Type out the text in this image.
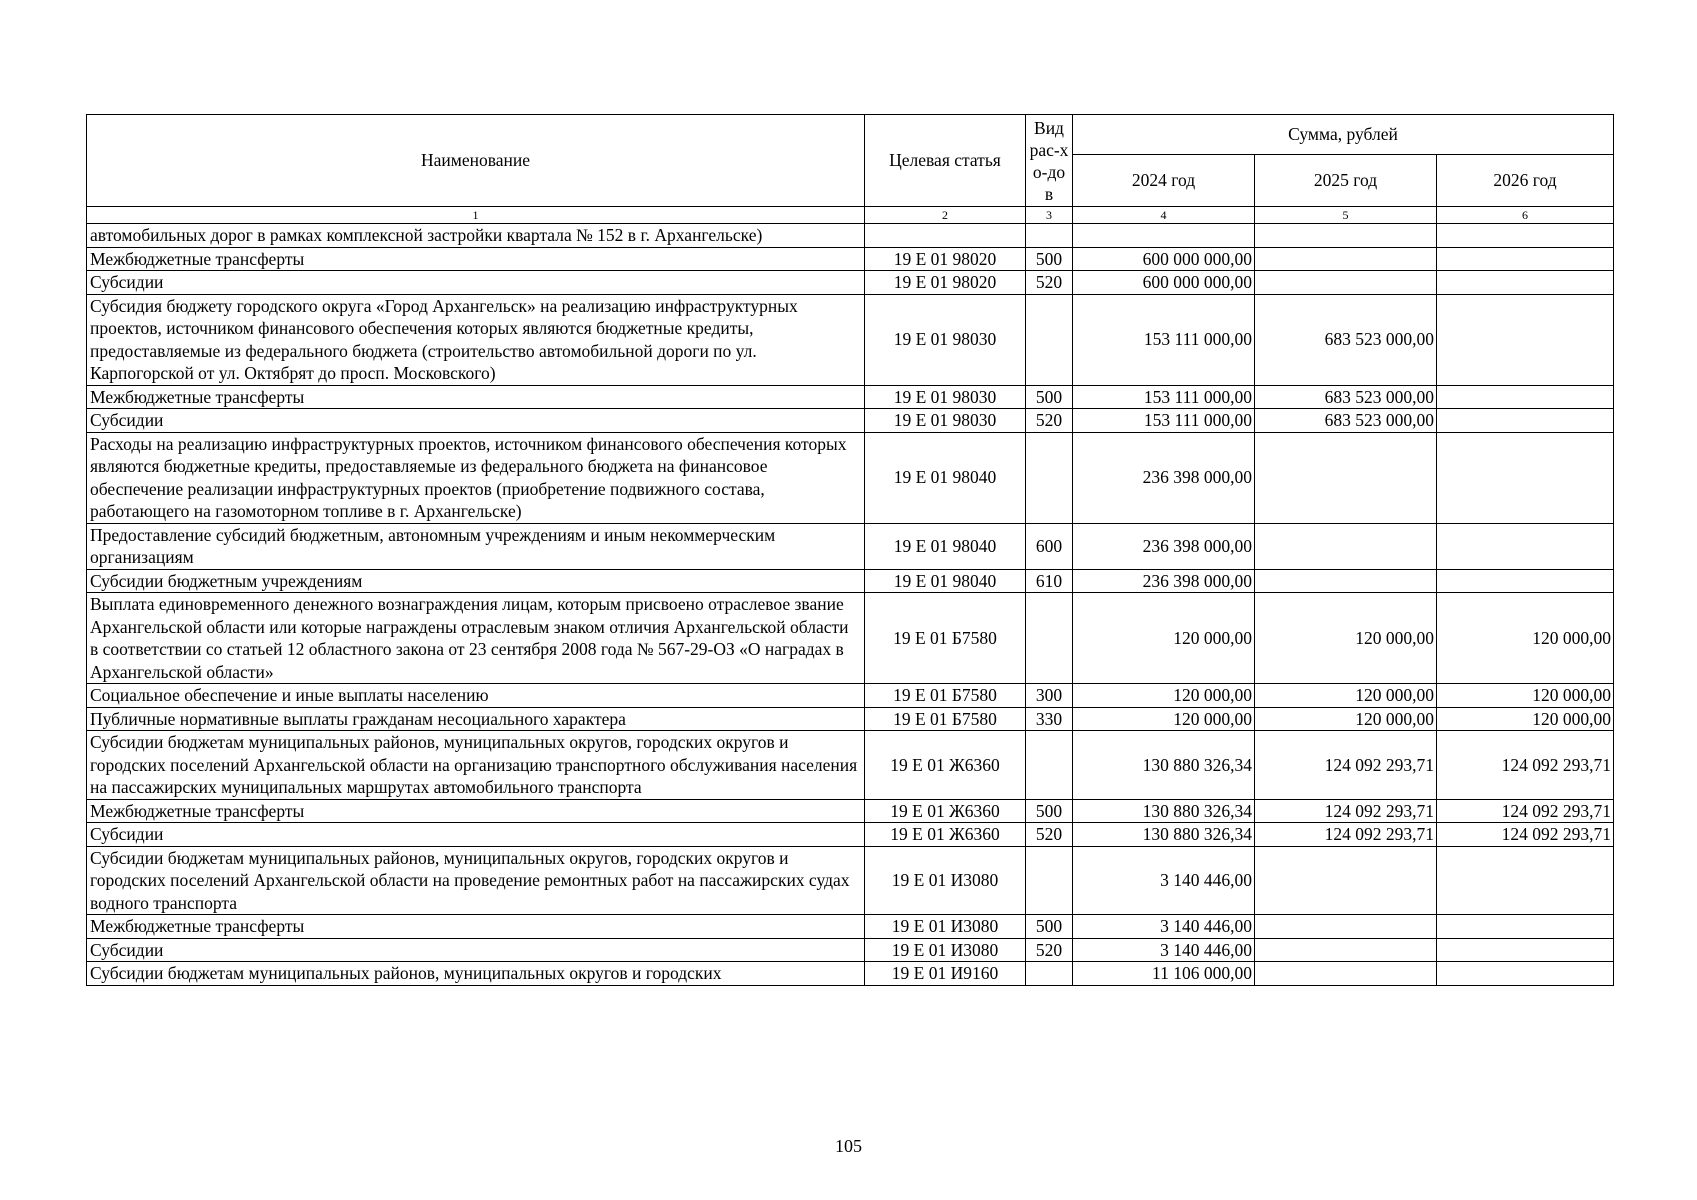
Наименование	Целевая статья	Вид рас-хо-дов	Сумма, рублей		
			2024 год	2025 год	2026 год
1	2	3	4	5	6
автомобильных дорог в рамках комплексной застройки квартала № 152 в г. Архангельске)					
Межбюджетные трансферты	19 Е 01 98020	500	600 000 000,00		
Субсидии	19 Е 01 98020	520	600 000 000,00		
Субсидия бюджету городского округа «Город Архангельск» на реализацию инфраструктурных проектов, источником финансового обеспечения которых являются бюджетные кредиты, предоставляемые из федерального бюджета (строительство автомобильной дороги по ул. Карпогорской от ул. Октябрят до просп. Московского)	19 Е 01 98030		153 111 000,00	683 523 000,00	
Межбюджетные трансферты	19 Е 01 98030	500	153 111 000,00	683 523 000,00	
Субсидии	19 Е 01 98030	520	153 111 000,00	683 523 000,00	
Расходы на реализацию инфраструктурных проектов, источником финансового обеспечения которых являются бюджетные кредиты, предоставляемые из федерального бюджета на финансовое обеспечение реализации инфраструктурных проектов (приобретение подвижного состава, работающего на газомоторном топливе в г. Архангельске)	19 Е 01 98040		236 398 000,00		
Предоставление субсидий бюджетным, автономным учреждениям и иным некоммерческим организациям	19 Е 01 98040	600	236 398 000,00		
Субсидии бюджетным учреждениям	19 Е 01 98040	610	236 398 000,00		
Выплата единовременного денежного вознаграждения лицам, которым присвоено отраслевое звание Архангельской области или которые награждены отраслевым знаком отличия Архангельской области в соответствии со статьей 12 областного закона от 23 сентября 2008 года № 567-29-ОЗ «О наградах в Архангельской области»	19 Е 01 Б7580		120 000,00	120 000,00	120 000,00
Социальное обеспечение и иные выплаты населению	19 Е 01 Б7580	300	120 000,00	120 000,00	120 000,00
Публичные нормативные выплаты гражданам несоциального характера	19 Е 01 Б7580	330	120 000,00	120 000,00	120 000,00
Субсидии бюджетам муниципальных районов, муниципальных округов, городских округов и городских поселений Архангельской области на организацию транспортного обслуживания населения на пассажирских муниципальных маршрутах автомобильного транспорта	19 Е 01 Ж6360		130 880 326,34	124 092 293,71	124 092 293,71
Межбюджетные трансферты	19 Е 01 Ж6360	500	130 880 326,34	124 092 293,71	124 092 293,71
Субсидии	19 Е 01 Ж6360	520	130 880 326,34	124 092 293,71	124 092 293,71
Субсидии бюджетам муниципальных районов, муниципальных округов, городских округов и городских поселений Архангельской области на проведение ремонтных работ на пассажирских судах водного транспорта	19 Е 01 И3080		3 140 446,00		
Межбюджетные трансферты	19 Е 01 И3080	500	3 140 446,00		
Субсидии	19 Е 01 И3080	520	3 140 446,00		
Субсидии бюджетам муниципальных районов, муниципальных округов и городских	19 Е 01 И9160		11 106 000,00		
105
